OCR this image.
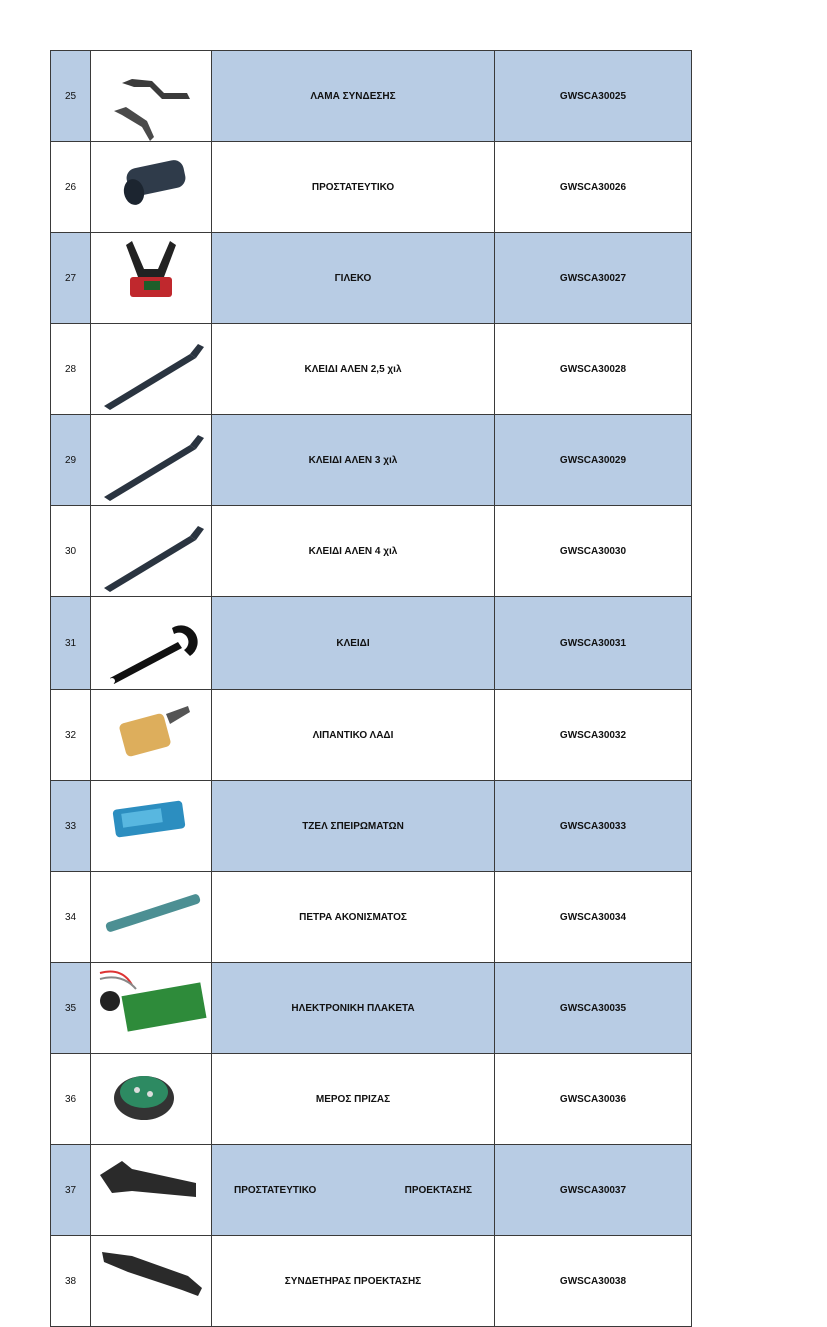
25		ΛΑΜΑ ΣΥΝΔΕΣΗΣ	GWSCA30025
26		ΠΡΟΣΤΑΤΕΥΤΙΚΟ	GWSCA30026
27		ΓΙΛΕΚΟ	GWSCA30027
28		ΚΛΕΙΔΙ ΑΛΕΝ 2,5 χιλ	GWSCA30028
29		ΚΛΕΙΔΙ ΑΛΕΝ 3 χιλ	GWSCA30029
30		ΚΛΕΙΔΙ ΑΛΕΝ 4 χιλ	GWSCA30030
31		ΚΛΕΙΔΙ	GWSCA30031
32		ΛΙΠΑΝΤΙΚΟ ΛΑΔΙ	GWSCA30032
33		ΤΖΕΛ ΣΠΕΙΡΩΜΑΤΩΝ	GWSCA30033
34		ΠΕΤΡΑ ΑΚΟΝΙΣΜΑΤΟΣ	GWSCA30034
35		ΗΛΕΚΤΡΟΝΙΚΗ ΠΛΑΚΕΤΑ	GWSCA30035
36		ΜΕΡΟΣ ΠΡΙΖΑΣ	GWSCA30036
37		ΠΡΟΣΤΑΤΕΥΤΙΚΟ ΠΡΟΕΚΤΑΣΗΣ	GWSCA30037
38		ΣΥΝΔΕΤΗΡΑΣ ΠΡΟΕΚΤΑΣΗΣ	GWSCA30038
